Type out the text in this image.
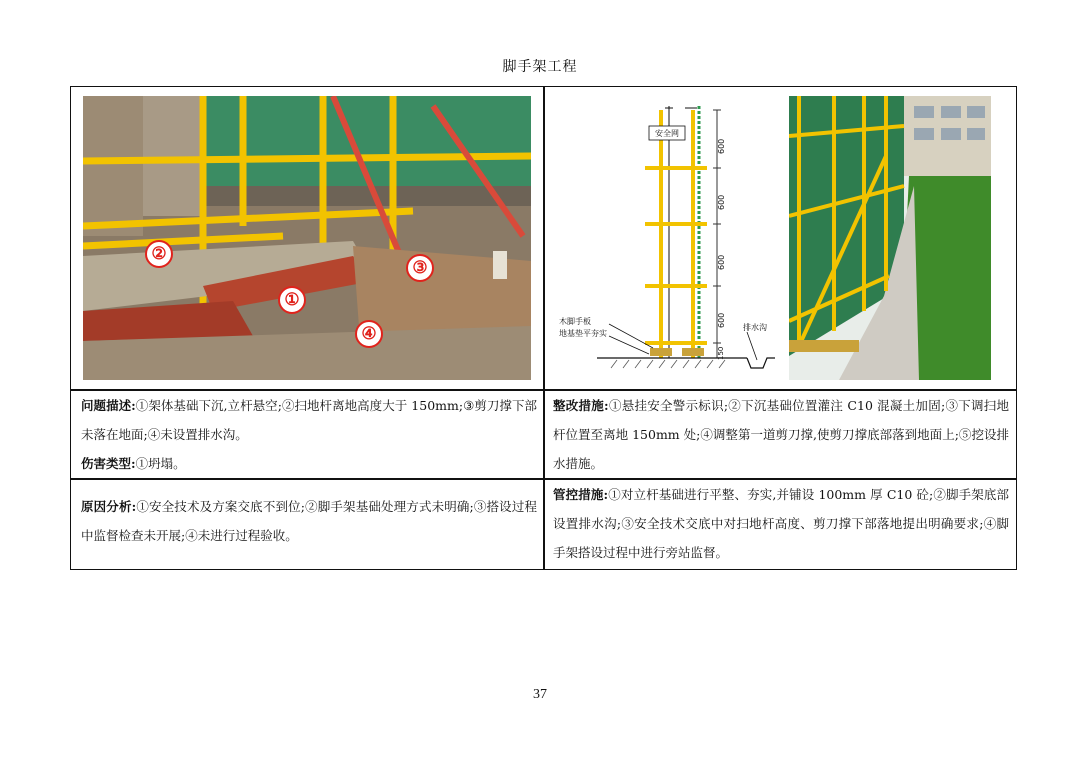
脚手架工程
①
②
③
④
安全网
木脚手板
地基垫平夯实
排水沟
600
600
600
600
150
问题描述:①架体基础下沉,立杆悬空;②扫地杆离地高度大于 150mm;③剪刀撑下部未落在地面;④未设置排水沟。
伤害类型:①坍塌。
整改措施:①悬挂安全警示标识;②下沉基础位置灌注 C10 混凝土加固;③下调扫地杆位置至离地 150mm 处;④调整第一道剪刀撑,使剪刀撑底部落到地面上;⑤挖设排水措施。
原因分析:①安全技术及方案交底不到位;②脚手架基础处理方式未明确;③搭设过程中监督检查未开展;④未进行过程验收。
管控措施:①对立杆基础进行平整、夯实,并铺设 100mm 厚 C10 砼;②脚手架底部设置排水沟;③安全技术交底中对扫地杆高度、剪刀撑下部落地提出明确要求;④脚手架搭设过程中进行旁站监督。
37
